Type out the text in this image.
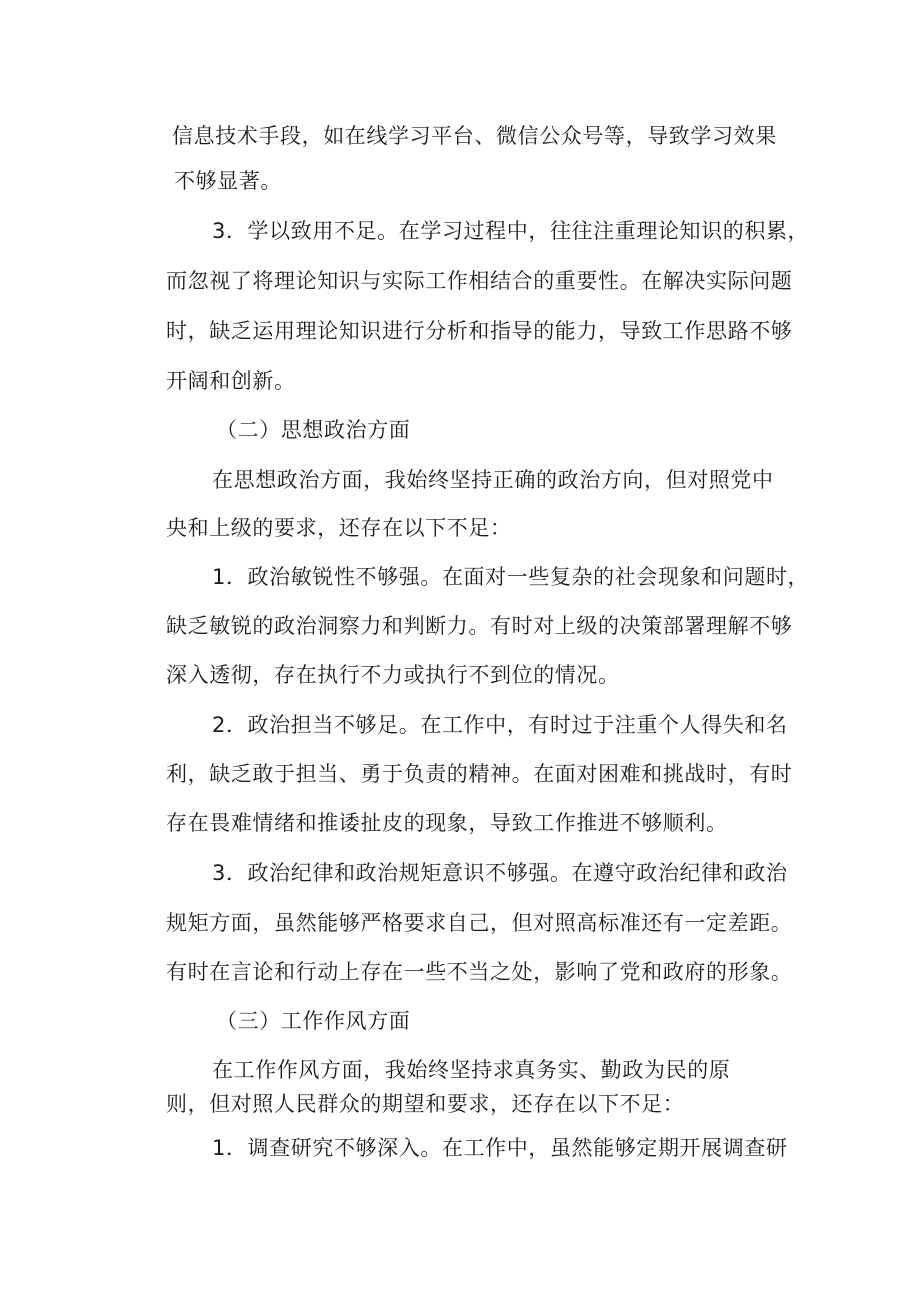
信息技术手段，如在线学习平台、微信公众号等，导致学习效果
不够显著。
3．学以致用不足。在学习过程中，往往注重理论知识的积累，
而忽视了将理论知识与实际工作相结合的重要性。在解决实际问题
时，缺乏运用理论知识进行分析和指导的能力，导致工作思路不够
开阔和创新。
（二）思想政治方面
在思想政治方面，我始终坚持正确的政治方向，但对照党中
央和上级的要求，还存在以下不足：
1．政治敏锐性不够强。在面对一些复杂的社会现象和问题时，
缺乏敏锐的政治洞察力和判断力。有时对上级的决策部署理解不够
深入透彻，存在执行不力或执行不到位的情况。
2．政治担当不够足。在工作中，有时过于注重个人得失和名
利，缺乏敢于担当、勇于负责的精神。在面对困难和挑战时，有时
存在畏难情绪和推诿扯皮的现象，导致工作推进不够顺利。
3．政治纪律和政治规矩意识不够强。在遵守政治纪律和政治
规矩方面，虽然能够严格要求自己，但对照高标准还有一定差距。
有时在言论和行动上存在一些不当之处，影响了党和政府的形象。
（三）工作作风方面
在工作作风方面，我始终坚持求真务实、勤政为民的原
则，但对照人民群众的期望和要求，还存在以下不足：
1．调查研究不够深入。在工作中，虽然能够定期开展调查研
